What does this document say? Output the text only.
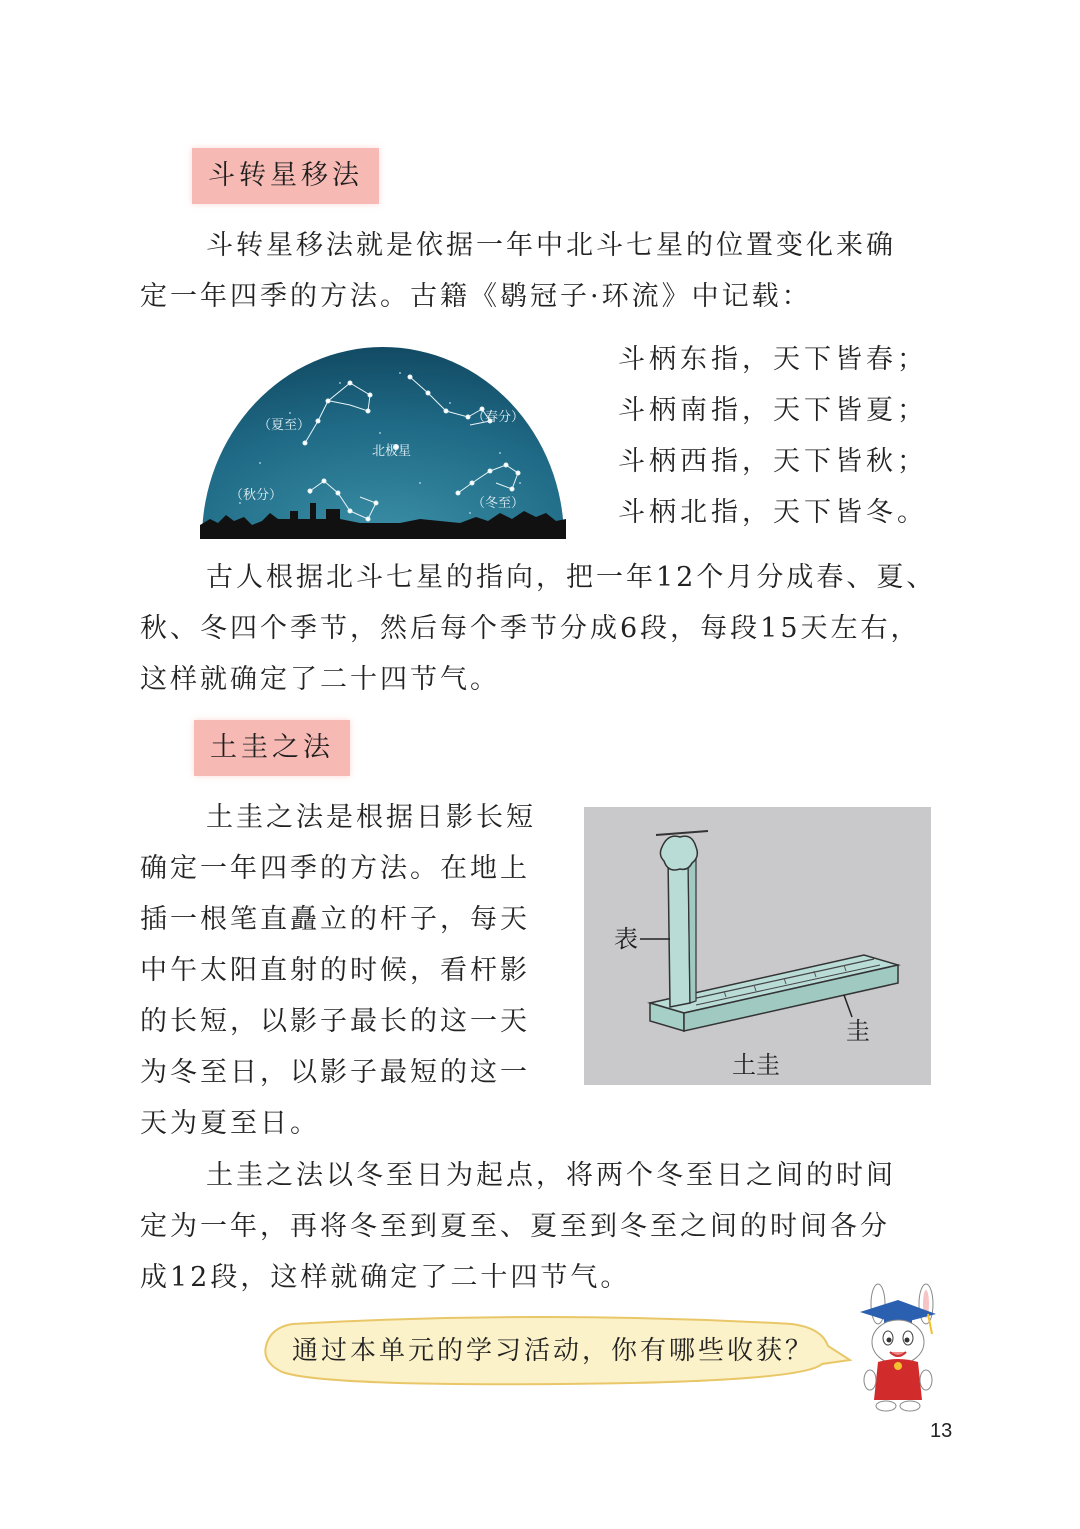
斗转星移法
斗转星移法就是依据一年中北斗七星的位置变化来确
定一年四季的方法。古籍《鹖冠子·环流》中记载：
（夏至）
（春分）
北极星
（秋分）
（冬至）
斗柄东指，天下皆春；
斗柄南指，天下皆夏；
斗柄西指，天下皆秋；
斗柄北指，天下皆冬。
古人根据北斗七星的指向，把一年12个月分成春、夏、
秋、冬四个季节，然后每个季节分成6段，每段15天左右，
这样就确定了二十四节气。
土圭之法
土圭之法是根据日影长短
确定一年四季的方法。在地上
插一根笔直矗立的杆子，每天
中午太阳直射的时候，看杆影
的长短，以影子最长的这一天
为冬至日，以影子最短的这一
天为夏至日。
表
圭
土圭
土圭之法以冬至日为起点，将两个冬至日之间的时间
定为一年，再将冬至到夏至、夏至到冬至之间的时间各分
成12段，这样就确定了二十四节气。
通过本单元的学习活动，你有哪些收获？
13
